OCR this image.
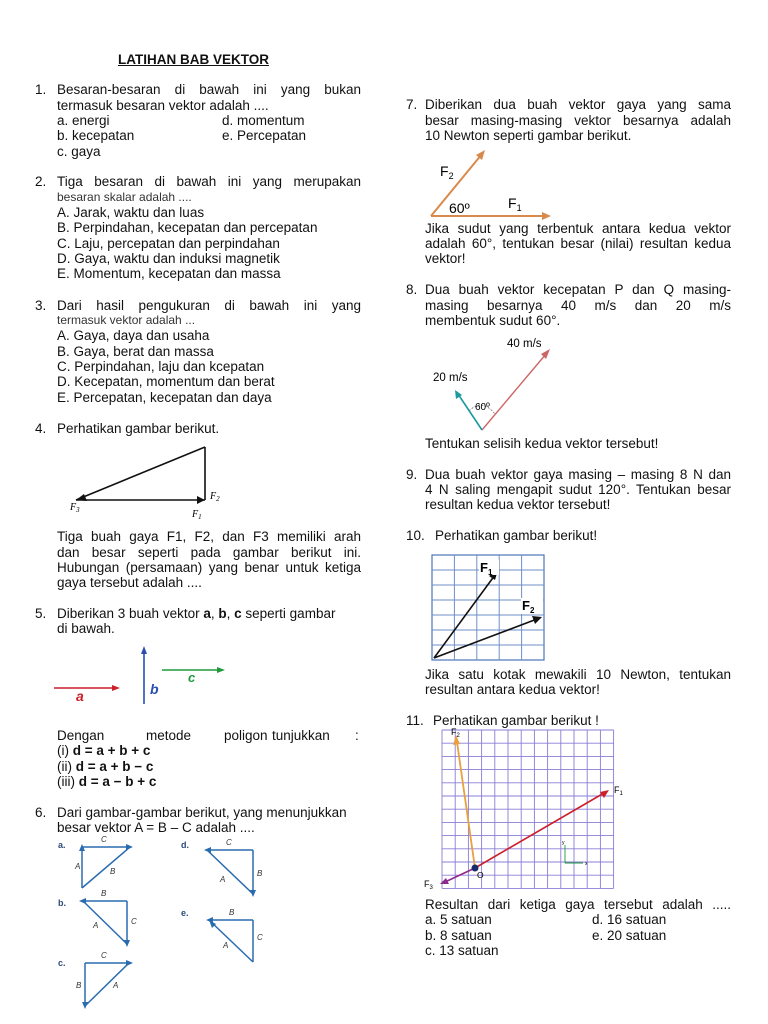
LATIHAN BAB VEKTOR
1. Besaran-besaran di bawah ini yang bukan
termasuk besaran vektor adalah ....
a. energi	d. momentum
b. kecepatan	e. Percepatan
c. gaya
2. Tiga besaran di bawah ini yang merupakan
besaran skalar adalah ....
A. Jarak, waktu dan luas
B. Perpindahan, kecepatan dan percepatan
C. Laju, percepatan dan perpindahan
D. Gaya, waktu dan induksi magnetik
E. Momentum, kecepatan dan massa
3. Dari hasil pengukuran di bawah ini yang
termasuk vektor adalah ...
A. Gaya, daya dan usaha
B. Gaya, berat dan massa
C. Perpindahan, laju dan kcepatan
D. Kecepatan, momentum dan berat
E. Percepatan, kecepatan dan daya
4. Perhatikan gambar berikut.
$F_3$
$F_2$
$F_1$
Tiga buah gaya F1, F2, dan F3 memiliki arah
dan besar seperti pada gambar berikut ini.
Hubungan (persamaan) yang benar untuk ketiga
gaya tersebut adalah ....
5. Diberikan 3 buah vektor a, b, c seperti gambar
di bawah.
a	b
c
Dengan	metode poligon tunjukkan :
(i) d = a + b + c
(ii) d = a + b − c
(iii) d = a − b + c
6. Dari gambar-gambar berikut, yang menunjukkan
besar vektor A = B – C adalah ....
a.
A
B
C
b.
B
C
A
c.
C
B	A
d.	C
B
A
e.	B
C
A
7. Diberikan dua buah vektor gaya yang sama
besar masing-masing vektor besarnya adalah
10 Newton seperti gambar berikut.
$F_2$
$F_1$
60º
Jika sudut yang terbentuk antara kedua vektor
adalah 60°, tentukan besar (nilai) resultan kedua
vektor!
8. Dua buah vektor kecepatan P dan Q masing-
masing besarnya 40 m/s dan 20 m/s
membentuk sudut 60°.
40 m/s
20 m/s
60º
Tentukan selisih kedua vektor tersebut!
9. Dua buah vektor gaya masing – masing 8 N dan
4 N saling mengapit sudut 120°. Tentukan besar
resultan kedua vektor tersebut!
10. Perhatikan gambar berikut!
$F_1$
$F_2$
Jika satu kotak mewakili 10 Newton, tentukan
resultan antara kedua vektor!
11. Perhatikan gambar berikut !
O
y
x
$F_2$
$F_1$
$F_3$
Resultan dari ketiga gaya tersebut adalah .....
a. 5 satuan	d. 16 satuan
b. 8 satuan	e. 20 satuan
c. 13 satuan
